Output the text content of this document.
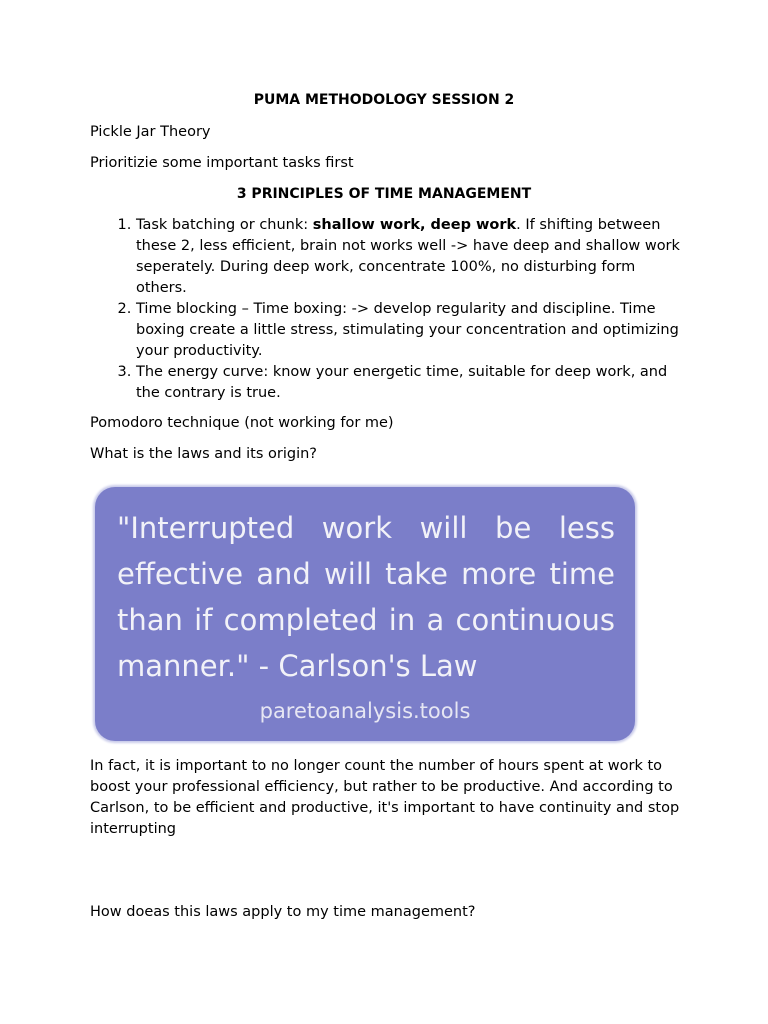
PUMA METHODOLOGY SESSION 2
Pickle Jar Theory
Prioritizie some important tasks first
3 PRINCIPLES OF TIME MANAGEMENT
1. Task batching or chunk: shallow work, deep work. If shifting between these 2, less efficient, brain not works well -> have deep and shallow work seperately. During deep work, concentrate 100%, no disturbing form others.
2. Time blocking – Time boxing: -> develop regularity and discipline. Time boxing create a little stress, stimulating your concentration and optimizing your productivity.
3. The energy curve: know your energetic time, suitable for deep work, and the contrary is true.
Pomodoro technique (not working for me)
What is the laws and its origin?
In fact, it is important to no longer count the number of hours spent at work to boost your professional efficiency, but rather to be productive. And according to Carlson, to be efficient and productive, it's important to have continuity and stop interrupting
How doeas this laws apply to my time management?
"Interrupted work will be less effective and will take more time than if completed in a continuous manner." - Carlson's Law
paretoanalysis.tools
